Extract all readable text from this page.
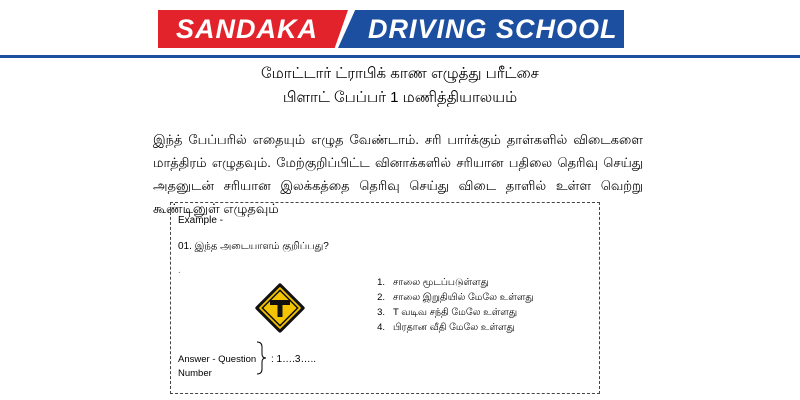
SANDAKA DRIVING SCHOOL
மோட்டார் ட்ராபிக் காண எழுத்து பரீட்சை
பிளாட் பேப்பர் 1 மணித்தியாலயம்
இந்த் பேப்பரில் எதையும் எழுத வேண்டாம். சரி பார்க்கும் தாள்களில் விடைகளை மாத்திரம் எழுதவும். மேற்குறிப்பிட்ட வினாக்களில் சரியான பதிலை தெரிவு செய்து அதனுடன் சரியான இலக்கத்தை தெரிவு செய்து விடை தாளில் உள்ள வெற்று கூண்டினுள் எழுதவும்
Example -
01. இந்த அடையாளம் குறிப்பது?
.
1. சாலை மூடப்படுள்ளது
2. சாலை இறுதியில் மேலே உள்ளது
3. T வடிவ சந்தி மேலே உள்ளது
4. பிரதான வீதி மேலே உள்ளது
Answer - Question Number
: 1….3…..
